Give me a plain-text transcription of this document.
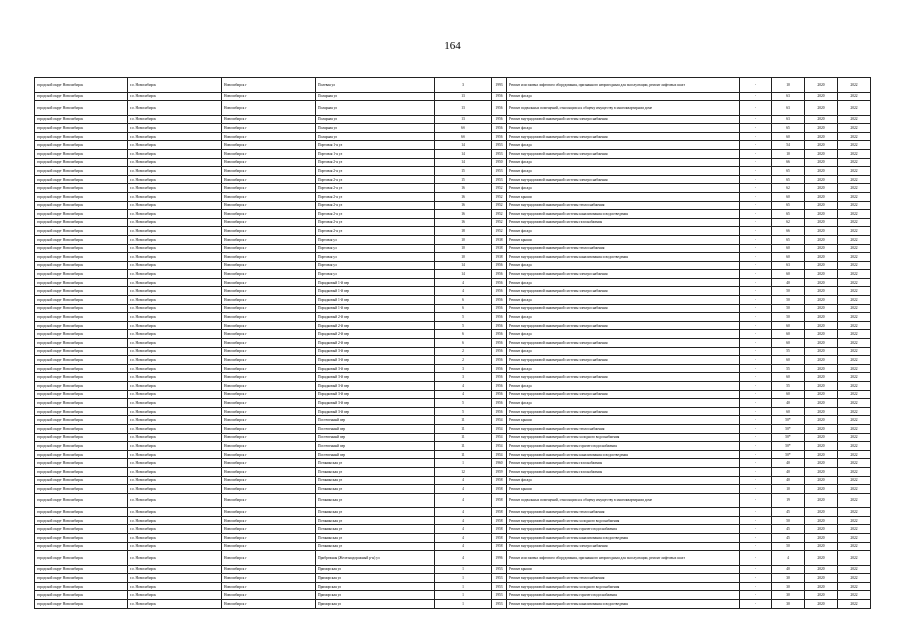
164
городской округ Новосибирск	г.о. Новосибирск	Новосибирск г	Полевая ул	3	1993	Ремонт или замена лифтового оборудования, признанного непригодным для эксплуатации, ремонт лифтовых шахт	-	10	2020	2022
городской округ Новосибирск	г.о. Новосибирск	Новосибирск г	Полярная ул	13	1956	Ремонт фасада	-	63	2020	2022
городской округ Новосибирск	г.о. Новосибирск	Новосибирск г	Полярная ул	13	1956	Ремонт подвальных помещений, относящихся к общему имуществу в многоквартирном доме	-	63	2020	2022
городской округ Новосибирск	г.о. Новосибирск	Новосибирск г	Полярная ул	13	1956	Ремонт внутридомовой инженерной системы электроснабжения	-	63	2020	2022
городской округ Новосибирск	г.о. Новосибирск	Новосибирск г	Полярная ул	6б	1956	Ремонт фасада	-	65	2020	2022
городской округ Новосибирск	г.о. Новосибирск	Новосибирск г	Полярная ул	6б	1956	Ремонт внутридомовой инженерной системы электроснабжения	-	60	2020	2022
городской округ Новосибирск	г.о. Новосибирск	Новосибирск г	Портовая 1-я ул	14	1953	Ремонт фасада	-	54	2020	2022
городской округ Новосибирск	г.о. Новосибирск	Новосибирск г	Портовая 1-я ул	14	1953	Ремонт внутридомовой инженерной системы электроснабжения	-	10	2020	2022
городской округ Новосибирск	г.о. Новосибирск	Новосибирск г	Портовая 2-я ул	14	1950	Ремонт фасада	-	66	2020	2022
городской округ Новосибирск	г.о. Новосибирск	Новосибирск г	Портовая 2-я ул	15	1953	Ремонт фасада	-	65	2020	2022
городской округ Новосибирск	г.о. Новосибирск	Новосибирск г	Портовая 2-я ул	15	1953	Ремонт внутридомовой инженерной системы электроснабжения	-	65	2020	2022
городской округ Новосибирск	г.о. Новосибирск	Новосибирск г	Портовая 2-я ул	16	1952	Ремонт фасада	-	62	2020	2022
городской округ Новосибирск	г.о. Новосибирск	Новосибирск г	Портовая 2-я ул	16	1952	Ремонт крыши	-	60	2020	2022
городской округ Новосибирск	г.о. Новосибирск	Новосибирск г	Портовая 2-я ул	16	1952	Ремонт внутридомовой инженерной системы теплоснабжения	-	65	2020	2022
городской округ Новосибирск	г.о. Новосибирск	Новосибирск г	Портовая 2-я ул	16	1952	Ремонт внутридомовой инженерной системы канализования и водоотведения	-	65	2020	2022
городской округ Новосибирск	г.о. Новосибирск	Новосибирск г	Портовая 2-я ул	16	1952	Ремонт внутридомовой инженерной системы газоснабжения	-	62	2020	2022
городской округ Новосибирск	г.о. Новосибирск	Новосибирск г	Портовая 2-я ул	18	1952	Ремонт фасада	-	66	2020	2022
городской округ Новосибирск	г.о. Новосибирск	Новосибирск г	Портовая ул	10	1938	Ремонт крыши	-	65	2020	2022
городской округ Новосибирск	г.о. Новосибирск	Новосибирск г	Портовая ул	10	1938	Ремонт внутридомовой инженерной системы теплоснабжения	-	60	2020	2022
городской округ Новосибирск	г.о. Новосибирск	Новосибирск г	Портовая ул	10	1938	Ремонт внутридомовой инженерной системы канализования и водоотведения	-	60	2020	2022
городской округ Новосибирск	г.о. Новосибирск	Новосибирск г	Портовая ул	14	1956	Ремонт фасада	-	63	2020	2022
городской округ Новосибирск	г.о. Новосибирск	Новосибирск г	Портовая ул	14	1956	Ремонт внутридомовой инженерной системы электроснабжения	-	60	2020	2022
городской округ Новосибирск	г.о. Новосибирск	Новосибирск г	Порядковый 1-й пер	4	1956	Ремонт фасада	-	40	2020	2022
городской округ Новосибирск	г.о. Новосибирск	Новосибирск г	Порядковый 1-й пер	4	1956	Ремонт внутридомовой инженерной системы электроснабжения	-	50	2020	2022
городской округ Новосибирск	г.о. Новосибирск	Новосибирск г	Порядковый 1-й пер	6	1956	Ремонт фасада	-	50	2020	2022
городской округ Новосибирск	г.о. Новосибирск	Новосибирск г	Порядковый 1-й пер	6	1956	Ремонт внутридомовой инженерной системы электроснабжения	-	50	2020	2022
городской округ Новосибирск	г.о. Новосибирск	Новосибирск г	Порядковый 2-й пер	5	1956	Ремонт фасада	-	50	2020	2022
городской округ Новосибирск	г.о. Новосибирск	Новосибирск г	Порядковый 2-й пер	5	1956	Ремонт внутридомовой инженерной системы электроснабжения	-	60	2020	2022
городской округ Новосибирск	г.о. Новосибирск	Новосибирск г	Порядковый 2-й пер	6	1956	Ремонт фасада	-	60	2020	2022
городской округ Новосибирск	г.о. Новосибирск	Новосибирск г	Порядковый 2-й пер	6	1956	Ремонт внутридомовой инженерной системы электроснабжения	-	60	2020	2022
городской округ Новосибирск	г.о. Новосибирск	Новосибирск г	Порядковый 3-й пер	2	1956	Ремонт фасада	-	55	2020	2022
городской округ Новосибирск	г.о. Новосибирск	Новосибирск г	Порядковый 3-й пер	2	1956	Ремонт внутридомовой инженерной системы электроснабжения	-	60	2020	2022
городской округ Новосибирск	г.о. Новосибирск	Новосибирск г	Порядковый 3-й пер	3	1956	Ремонт фасада	-	55	2020	2022
городской округ Новосибирск	г.о. Новосибирск	Новосибирск г	Порядковый 3-й пер	3	1956	Ремонт внутридомовой инженерной системы электроснабжения	-	60	2020	2022
городской округ Новосибирск	г.о. Новосибирск	Новосибирск г	Порядковый 3-й пер	4	1956	Ремонт фасада	-	55	2020	2022
городской округ Новосибирск	г.о. Новосибирск	Новосибирск г	Порядковый 3-й пер	4	1956	Ремонт внутридомовой инженерной системы электроснабжения	-	60	2020	2022
городской округ Новосибирск	г.о. Новосибирск	Новосибирск г	Порядковый 3-й пер	5	1956	Ремонт фасада	-	40	2020	2022
городской округ Новосибирск	г.о. Новосибирск	Новосибирск г	Порядковый 3-й пер	5	1956	Ремонт внутридомовой инженерной системы электроснабжения	-	60	2020	2022
городской округ Новосибирск	г.о. Новосибирск	Новосибирск г	Постепенный пер	11	1954	Ремонт крыши	-	50*	2020	2022
городской округ Новосибирск	г.о. Новосибирск	Новосибирск г	Постепенный пер	11	1954	Ремонт внутридомовой инженерной системы теплоснабжения	-	50*	2020	2022
городской округ Новосибирск	г.о. Новосибирск	Новосибирск г	Постепенный пер	11	1954	Ремонт внутридомовой инженерной системы холодного водоснабжения	-	50*	2020	2022
городской округ Новосибирск	г.о. Новосибирск	Новосибирск г	Постепенный пер	11	1954	Ремонт внутридомовой инженерной системы горячего водоснабжения	-	50*	2020	2022
городской округ Новосибирск	г.о. Новосибирск	Новосибирск г	Постепенный пер	11	1954	Ремонт внутридомовой инженерной системы канализования и водоотведения	-	50*	2020	2022
городской округ Новосибирск	г.о. Новосибирск	Новосибирск г	Потанинская ул	1	1960	Ремонт внутридомовой инженерной системы газоснабжения	-	40	2020	2022
городской округ Новосибирск	г.о. Новосибирск	Новосибирск г	Потанинская ул	12	1959	Ремонт внутридомовой инженерной системы газоснабжения	-	40	2020	2022
городской округ Новосибирск	г.о. Новосибирск	Новосибирск г	Потанинская ул	4	1958	Ремонт фасада	-	40	2020	2022
городской округ Новосибирск	г.о. Новосибирск	Новосибирск г	Потанинская ул	4	1958	Ремонт крыши	-	10	2020	2022
городской округ Новосибирск	г.о. Новосибирск	Новосибирск г	Потанинская ул	4	1958	Ремонт подвальных помещений, относящихся к общему имуществу в многоквартирном доме	-	19	2020	2022
городской округ Новосибирск	г.о. Новосибирск	Новосибирск г	Потанинская ул	4	1958	Ремонт внутридомовой инженерной системы теплоснабжения	-	45	2020	2022
городской округ Новосибирск	г.о. Новосибирск	Новосибирск г	Потанинская ул	4	1958	Ремонт внутридомовой инженерной системы холодного водоснабжения	-	50	2020	2022
городской округ Новосибирск	г.о. Новосибирск	Новосибирск г	Потанинская ул	4	1958	Ремонт внутридомовой инженерной системы горячего водоснабжения	-	45	2020	2022
городской округ Новосибирск	г.о. Новосибирск	Новосибирск г	Потанинская ул	4	1958	Ремонт внутридомовой инженерной системы канализования и водоотведения	-	45	2020	2022
городской округ Новосибирск	г.о. Новосибирск	Новосибирск г	Потанинская ул	4	1958	Ремонт внутридомовой инженерной системы электроснабжения	-	50	2020	2022
городской округ Новосибирск	г.о. Новосибирск	Новосибирск г	Прибрежная (Железнодорожный р-н) ул	4	1996	Ремонт или замена лифтового оборудования, признанного непригодным для эксплуатации, ремонт лифтовых шахт	-	4	2020	2022
городской округ Новосибирск	г.о. Новосибирск	Новосибирск г	Приморская ул	1	1953	Ремонт крыши	-	40	2020	2022
городской округ Новосибирск	г.о. Новосибирск	Новосибирск г	Приморская ул	1	1953	Ремонт внутридомовой инженерной системы теплоснабжения	-	30	2020	2022
городской округ Новосибирск	г.о. Новосибирск	Новосибирск г	Приморская ул	1	1953	Ремонт внутридомовой инженерной системы холодного водоснабжения	-	30	2020	2022
городской округ Новосибирск	г.о. Новосибирск	Новосибирск г	Приморская ул	1	1953	Ремонт внутридомовой инженерной системы горячего водоснабжения	-	30	2020	2022
городской округ Новосибирск	г.о. Новосибирск	Новосибирск г	Приморская ул	1	1953	Ремонт внутридомовой инженерной системы канализования и водоотведения	-	30	2020	2022
